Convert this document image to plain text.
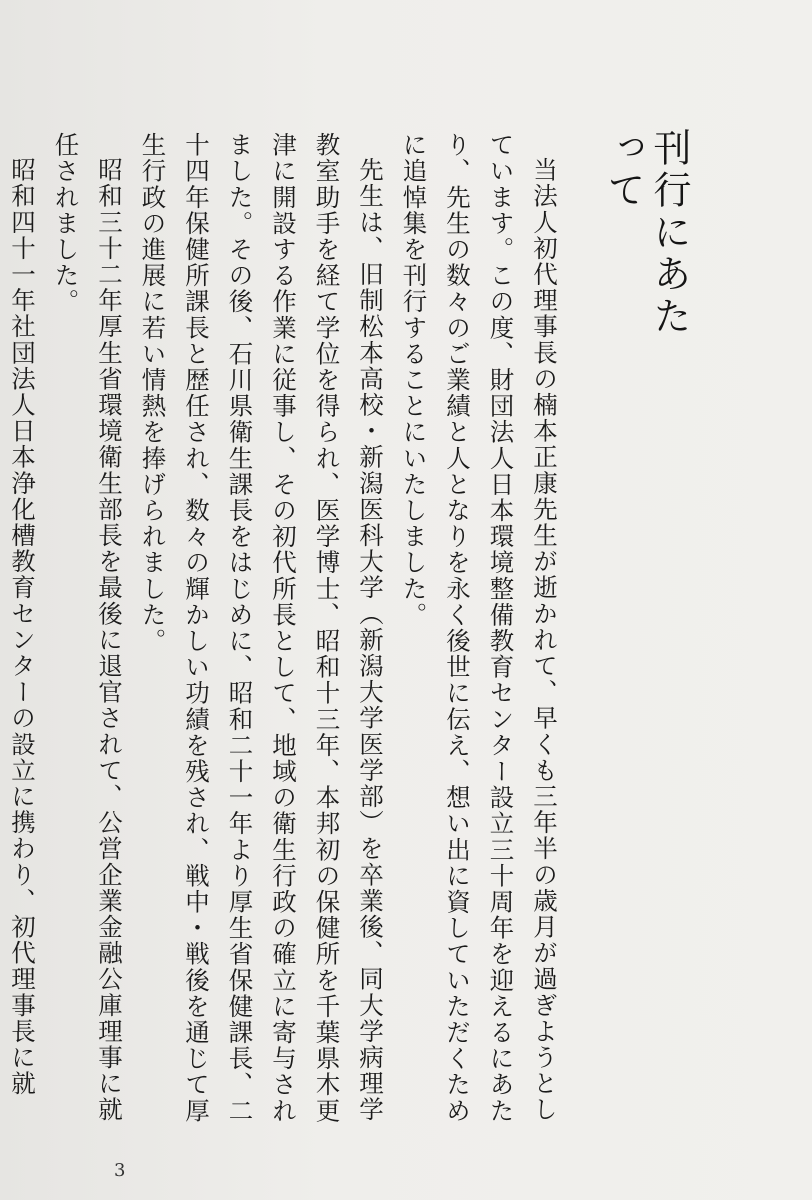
刊行にあたって

当法人初代理事長の楠本正康先生が逝かれて、早くも三年半の歳月が過ぎようとしています。この度、財団法人日本環境整備教育センター設立三十周年を迎えるにあたり、先生の数々のご業績と人となりを永く後世に伝え、想い出に資していただくために追悼集を刊行することにいたしました。

先生は、旧制松本高校・新潟医科大学（新潟大学医学部）を卒業後、同大学病理学教室助手を経て学位を得られ、医学博士、昭和十三年、本邦初の保健所を千葉県木更津に開設する作業に従事し、その初代所長として、地域の衛生行政の確立に寄与されました。その後、石川県衛生課長をはじめに、昭和二十一年より厚生省保健課長、二十四年保健所課長と歴任され、数々の輝かしい功績を残され、戦中・戦後を通じて厚生行政の進展に若い情熱を捧げられました。

昭和三十二年厚生省環境衛生部長を最後に退官されて、公営企業金融公庫理事に就任されました。

昭和四十一年社団法人日本浄化槽教育センターの設立に携わり、初代理事長に就

3
